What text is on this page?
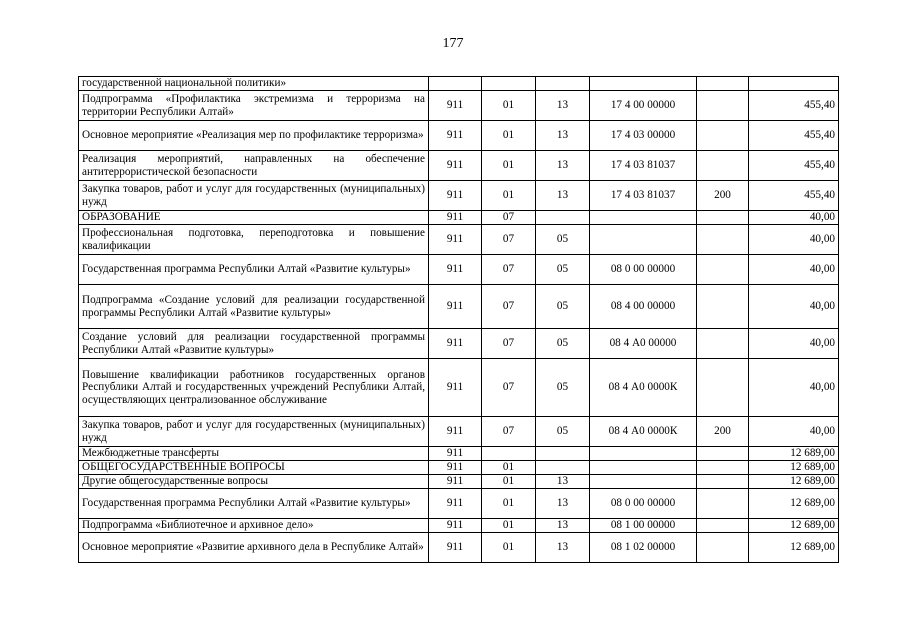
177
государственной национальной политики»						
Подпрограмма «Профилактика экстремизма и терроризма на территории Республики Алтай»	911	01	13	17 4 00 00000		455,40
Основное мероприятие «Реализация мер по профилактике терроризма»	911	01	13	17 4 03 00000		455,40
Реализация мероприятий, направленных на обеспечение антитеррористической безопасности	911	01	13	17 4 03 81037		455,40
Закупка товаров, работ и услуг для государственных (муниципальных) нужд	911	01	13	17 4 03 81037	200	455,40
ОБРАЗОВАНИЕ	911	07				40,00
Профессиональная подготовка, переподготовка и повышение квалификации	911	07	05			40,00
Государственная программа Республики Алтай «Развитие культуры»	911	07	05	08 0 00 00000		40,00
Подпрограмма «Создание условий для реализации государственной программы Республики Алтай «Развитие культуры»	911	07	05	08 4 00 00000		40,00
Создание условий для реализации государственной программы Республики Алтай «Развитие культуры»	911	07	05	08 4 А0 00000		40,00
Повышение квалификации работников государственных органов Республики Алтай и государственных учреждений Республики Алтай, осуществляющих централизованное обслуживание	911	07	05	08 4 А0 0000К		40,00
Закупка товаров, работ и услуг для государственных (муниципальных) нужд	911	07	05	08 4 А0 0000К	200	40,00
Межбюджетные трансферты	911					12 689,00
ОБЩЕГОСУДАРСТВЕННЫЕ ВОПРОСЫ	911	01				12 689,00
Другие общегосударственные вопросы	911	01	13			12 689,00
Государственная программа Республики Алтай «Развитие культуры»	911	01	13	08 0 00 00000		12 689,00
Подпрограмма «Библиотечное и архивное дело»	911	01	13	08 1 00 00000		12 689,00
Основное мероприятие «Развитие архивного дела в Республике Алтай»	911	01	13	08 1 02 00000		12 689,00
